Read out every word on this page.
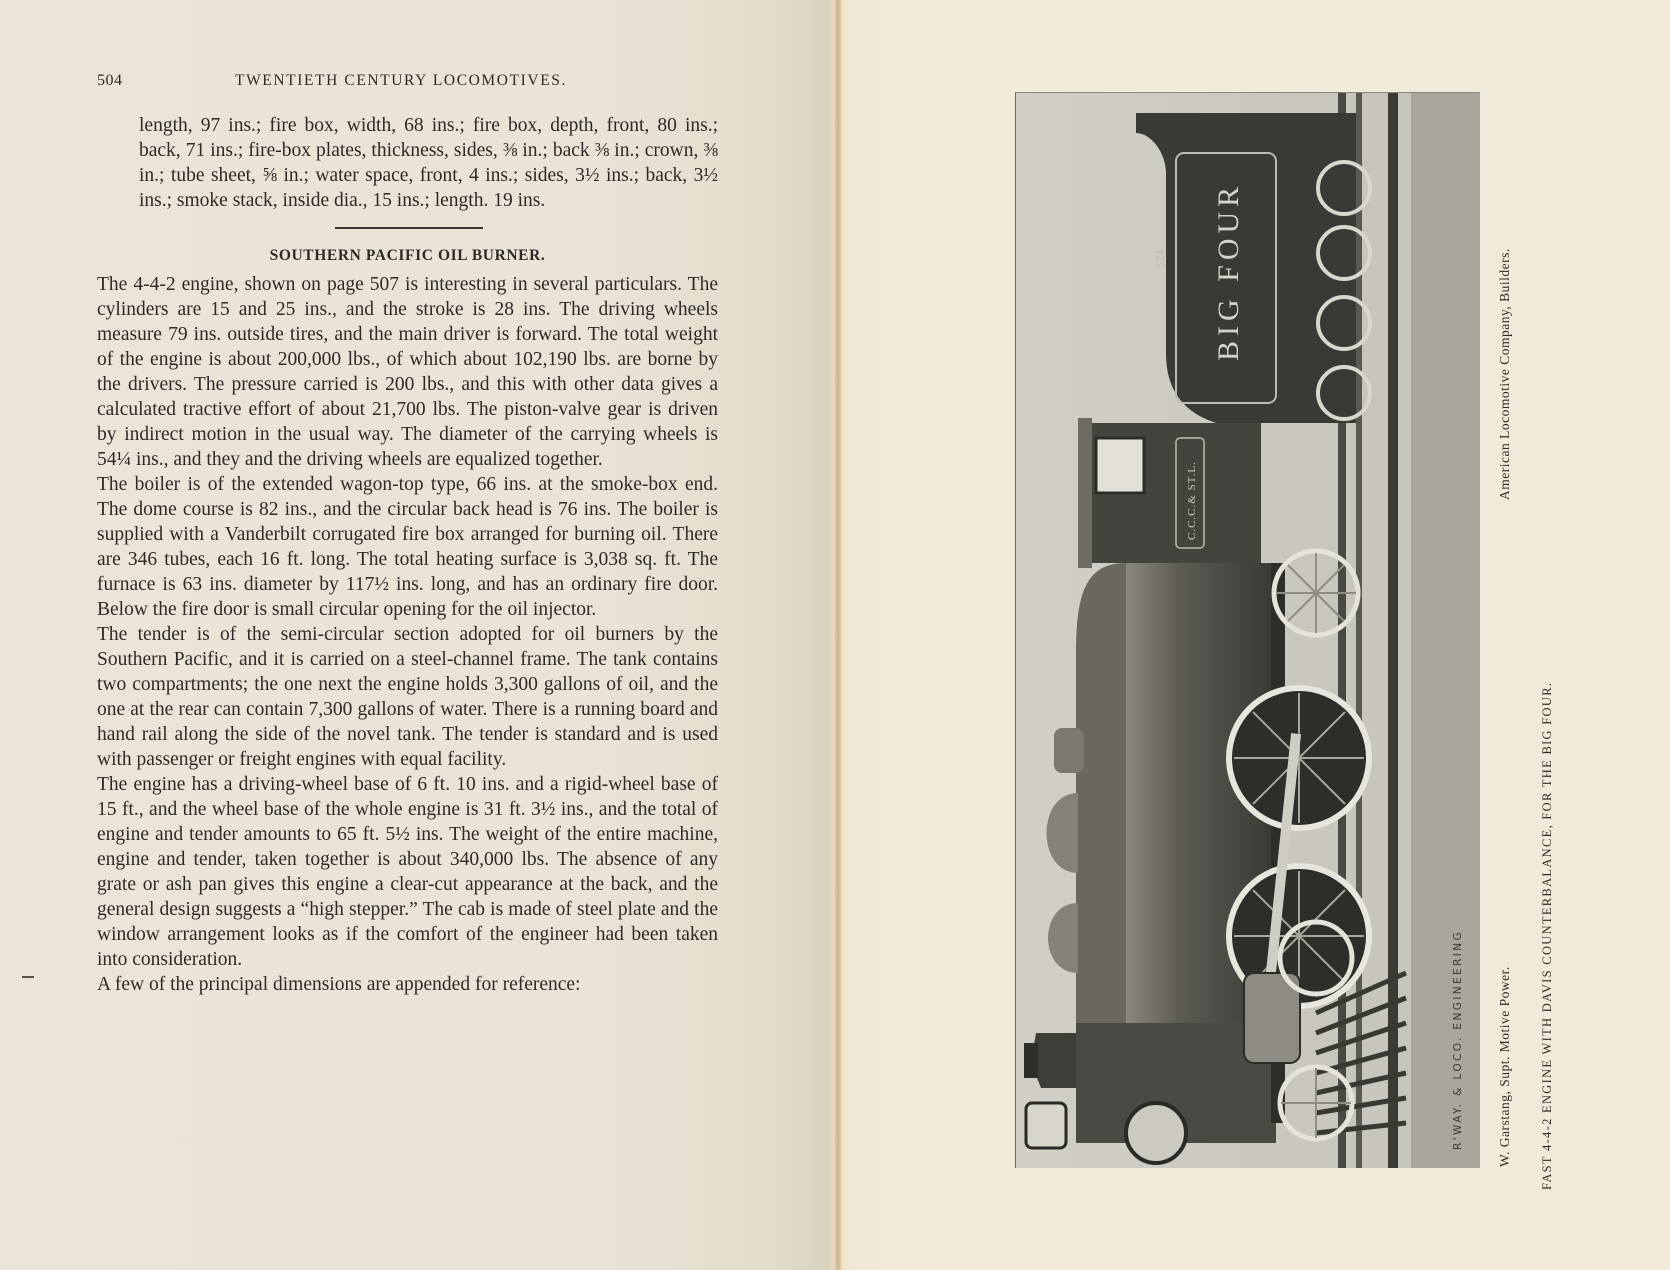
504	TWENTIETH CENTURY LOCOMOTIVES.

length, 97 ins.; fire box, width, 68 ins.; fire box, depth, front, 80 ins.; back, 71 ins.; fire-box plates, thickness, sides, ⅜ in.; back ⅜ in.; crown, ⅜ in.; tube sheet, ⅝ in.; water space, front, 4 ins.; sides, 3½ ins.; back, 3½ ins.; smoke stack, inside dia., 15 ins.; length. 19 ins.

SOUTHERN PACIFIC OIL BURNER.

The 4-4-2 engine, shown on page 507 is interesting in several particulars. The cylinders are 15 and 25 ins., and the stroke is 28 ins. The driving wheels measure 79 ins. outside tires, and the main driver is forward. The total weight of the engine is about 200,000 lbs., of which about 102,190 lbs. are borne by the drivers. The pressure carried is 200 lbs., and this with other data gives a calculated tractive effort of about 21,700 lbs. The piston-valve gear is driven by indirect motion in the usual way. The diameter of the carrying wheels is 54¼ ins., and they and the driving wheels are equalized together.

The boiler is of the extended wagon-top type, 66 ins. at the smoke-box end. The dome course is 82 ins., and the circular back head is 76 ins. The boiler is supplied with a Vanderbilt corrugated fire box arranged for burning oil. There are 346 tubes, each 16 ft. long. The total heating surface is 3,038 sq. ft. The furnace is 63 ins. diameter by 117½ ins. long, and has an ordinary fire door. Below the fire door is small circular opening for the oil injector.

The tender is of the semi-circular section adopted for oil burners by the Southern Pacific, and it is carried on a steel-channel frame. The tank contains two compartments; the one next the engine holds 3,300 gallons of oil, and the one at the rear can contain 7,300 gallons of water. There is a running board and hand rail along the side of the novel tank. The tender is standard and is used with passenger or freight engines with equal facility.

The engine has a driving-wheel base of 6 ft. 10 ins. and a rigid-wheel base of 15 ft., and the wheel base of the whole engine is 31 ft. 3½ ins., and the total of engine and tender amounts to 65 ft. 5½ ins. The weight of the entire machine, engine and tender, taken together is about 340,000 lbs. The absence of any grate or ash pan gives this engine a clear-cut appearance at the back, and the general design suggests a “high stepper.” The cab is made of steel plate and the window arrangement looks as if the comfort of the engineer had been taken into consideration.

A few of the principal dimensions are appended for reference:

BIG FOUR
524
C.C.C.& ST.L.
R'WAY. & LOCO. ENGINEERING
American Locomotive Company, Builders.
W. Garstang, Supt. Motive Power. FAST 4-4-2 ENGINE WITH DAVIS COUNTERBALANCE, FOR THE BIG FOUR.
